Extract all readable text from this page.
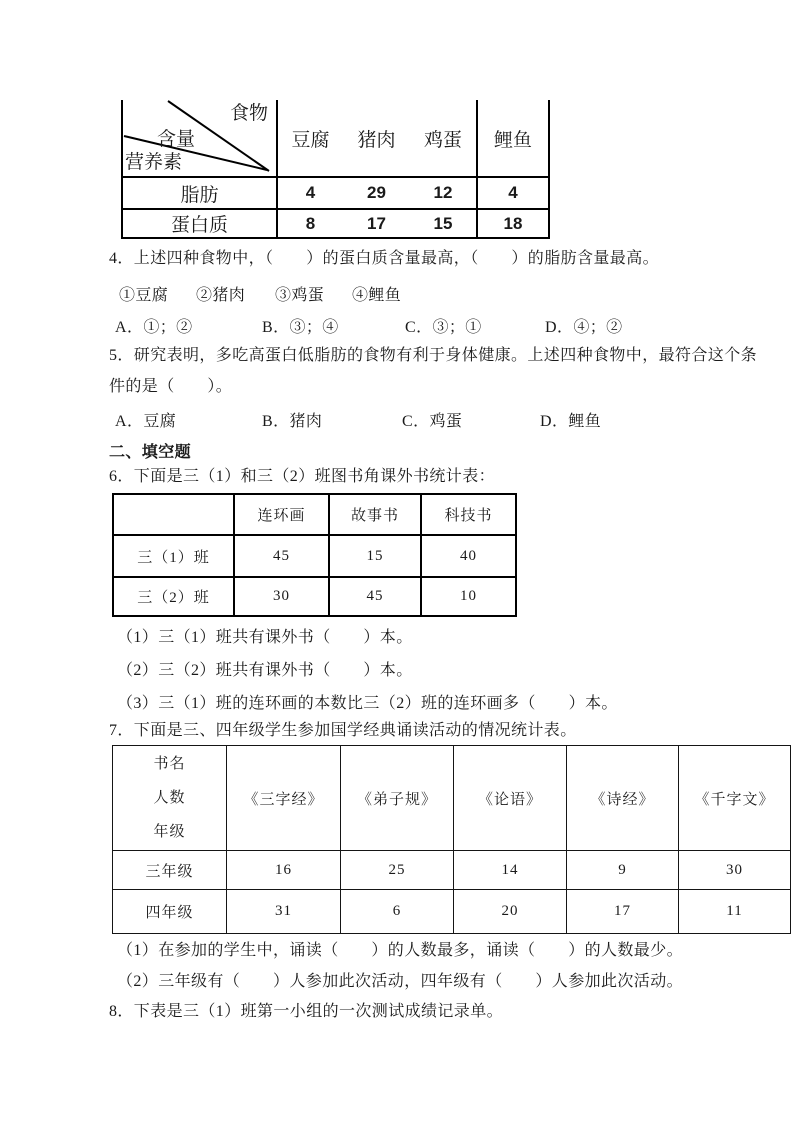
食物
含量
营养素	豆腐	猪肉	鸡蛋	鲤鱼
脂肪	4	29	12	4
蛋白质	8	17	15	18
4．上述四种食物中，（　　）的蛋白质含量最高，（　　）的脂肪含量最高。
①豆腐 ②猪肉 ③鸡蛋 ④鲤鱼
A．①；②	B．③；④	C．③；①	D．④；②
5．研究表明，多吃高蛋白低脂肪的食物有利于身体健康。上述四种食物中，最符合这个条
件的是（　　）。
A．豆腐	B．猪肉	C．鸡蛋	D．鲤鱼
二、填空题
6．下面是三（1）和三（2）班图书角课外书统计表：
	连环画	故事书	科技书
三（1）班	45	15	40
三（2）班	30	45	10
（1）三（1）班共有课外书（　　）本。
（2）三（2）班共有课外书（　　）本。
（3）三（1）班的连环画的本数比三（2）班的连环画多（　　）本。
7．下面是三、四年级学生参加国学经典诵读活动的情况统计表。
书名
人数
年级	《三字经》	《弟子规》	《论语》	《诗经》	《千字文》
三年级	16	25	14	9	30
四年级	31	6	20	17	11
（1）在参加的学生中，诵读（　　）的人数最多，诵读（　　）的人数最少。
（2）三年级有（　　）人参加此次活动，四年级有（　　）人参加此次活动。
8．下表是三（1）班第一小组的一次测试成绩记录单。
